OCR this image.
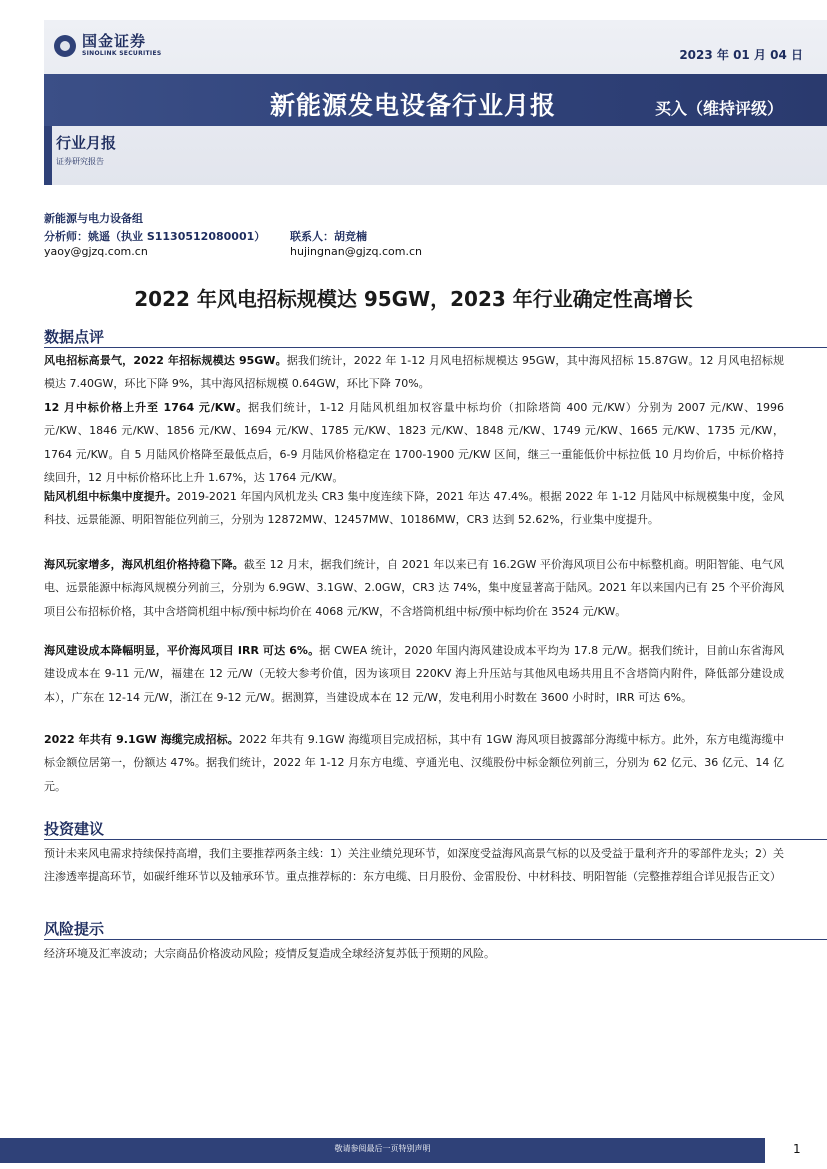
国金证券
SINOLINK SECURITIES	2023 年 01 月 04 日
新能源发电设备行业月报	买入（维持评级）
行业月报
证券研究报告
新能源与电力设备组
分析师：姚遥（执业 S1130512080001） 联系人：胡竞楠
yaoy@gjzq.com.cn	hujingnan@gjzq.com.cn
2022 年风电招标规模达 95GW，2023 年行业确定性高增长
数据点评
风电招标高景气，2022 年招标规模达 95GW。据我们统计，2022 年 1-12 月风电招标规模达 95GW，其中海风招标 15.87GW。12 月风电招标规模达 7.40GW，环比下降 9%，其中海风招标规模 0.64GW，环比下降 70%。
12 月中标价格上升至 1764 元/KW。据我们统计，1-12 月陆风机组加权容量中标均价（扣除塔筒 400 元/KW）分别为 2007 元/KW、1996 元/KW、1846 元/KW、1856 元/KW、1694 元/KW、1785 元/KW、1823 元/KW、1848 元/KW、1749 元/KW、1665 元/KW、1735 元/KW，1764 元/KW。自 5 月陆风价格降至最低点后，6-9 月陆风价格稳定在 1700-1900 元/KW 区间，继三一重能低价中标拉低 10 月均价后，中标价格持续回升，12 月中标价格环比上升 1.67%，达 1764 元/KW。
陆风机组中标集中度提升。2019-2021 年国内风机龙头 CR3 集中度连续下降，2021 年达 47.4%。根据 2022 年 1-12 月陆风中标规模集中度，金风科技、远景能源、明阳智能位列前三，分别为 12872MW、12457MW、10186MW，CR3 达到 52.62%，行业集中度提升。
海风玩家增多，海风机组价格持稳下降。截至 12 月末，据我们统计，自 2021 年以来已有 16.2GW 平价海风项目公布中标整机商。明阳智能、电气风电、远景能源中标海风规模分列前三，分别为 6.9GW、3.1GW、2.0GW，CR3 达 74%，集中度显著高于陆风。2021 年以来国内已有 25 个平价海风项目公布招标价格，其中含塔筒机组中标/预中标均价在 4068 元/KW，不含塔筒机组中标/预中标均价在 3524 元/KW。
海风建设成本降幅明显，平价海风项目 IRR 可达 6%。据 CWEA 统计，2020 年国内海风建设成本平均为 17.8 元/W。据我们统计，目前山东省海风建设成本在 9-11 元/W，福建在 12 元/W（无较大参考价值，因为该项目 220KV 海上升压站与其他风电场共用且不含塔筒内附件，降低部分建设成本），广东在 12-14 元/W，浙江在 9-12 元/W。据测算，当建设成本在 12 元/W，发电利用小时数在 3600 小时时，IRR 可达 6%。
2022 年共有 9.1GW 海缆完成招标。2022 年共有 9.1GW 海缆项目完成招标，其中有 1GW 海风项目披露部分海缆中标方。此外，东方电缆海缆中标金额位居第一，份额达 47%。据我们统计，2022 年 1-12 月东方电缆、亨通光电、汉缆股份中标金额位列前三，分别为 62 亿元、36 亿元、14 亿元。
投资建议
预计未来风电需求持续保持高增，我们主要推荐两条主线：1）关注业绩兑现环节，如深度受益海风高景气标的以及受益于量利齐升的零部件龙头；2）关注渗透率提高环节，如碳纤维环节以及轴承环节。重点推荐标的：东方电缆、日月股份、金雷股份、中材科技、明阳智能（完整推荐组合详见报告正文）
风险提示
经济环境及汇率波动；大宗商品价格波动风险；疫情反复造成全球经济复苏低于预期的风险。
敬请参阅最后一页特别声明	1
